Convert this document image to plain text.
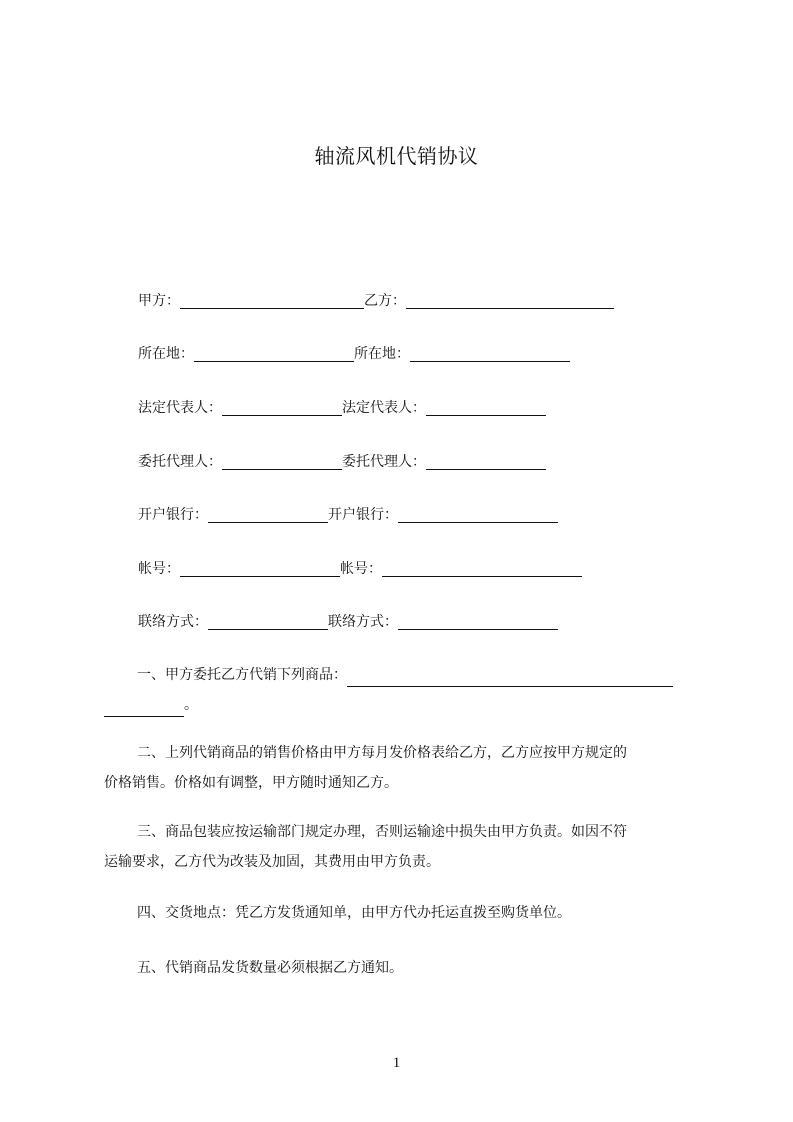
轴流风机代销协议
甲方：	乙方：
所在地：	所在地：
法定代表人：	法定代表人：
委托代理人：	委托代理人：
开户银行：	开户银行：
帐号：	帐号：
联络方式：	联络方式：
一、甲方委托乙方代销下列商品：
。
二、上列代销商品的销售价格由甲方每月发价格表给乙方，乙方应按甲方规定的
价格销售。价格如有调整，甲方随时通知乙方。
三、商品包装应按运输部门规定办理，否则运输途中损失由甲方负责。如因不符
运输要求，乙方代为改装及加固，其费用由甲方负责。
四、交货地点：凭乙方发货通知单，由甲方代办托运直拨至购货单位。
五、代销商品发货数量必须根据乙方通知。
1
